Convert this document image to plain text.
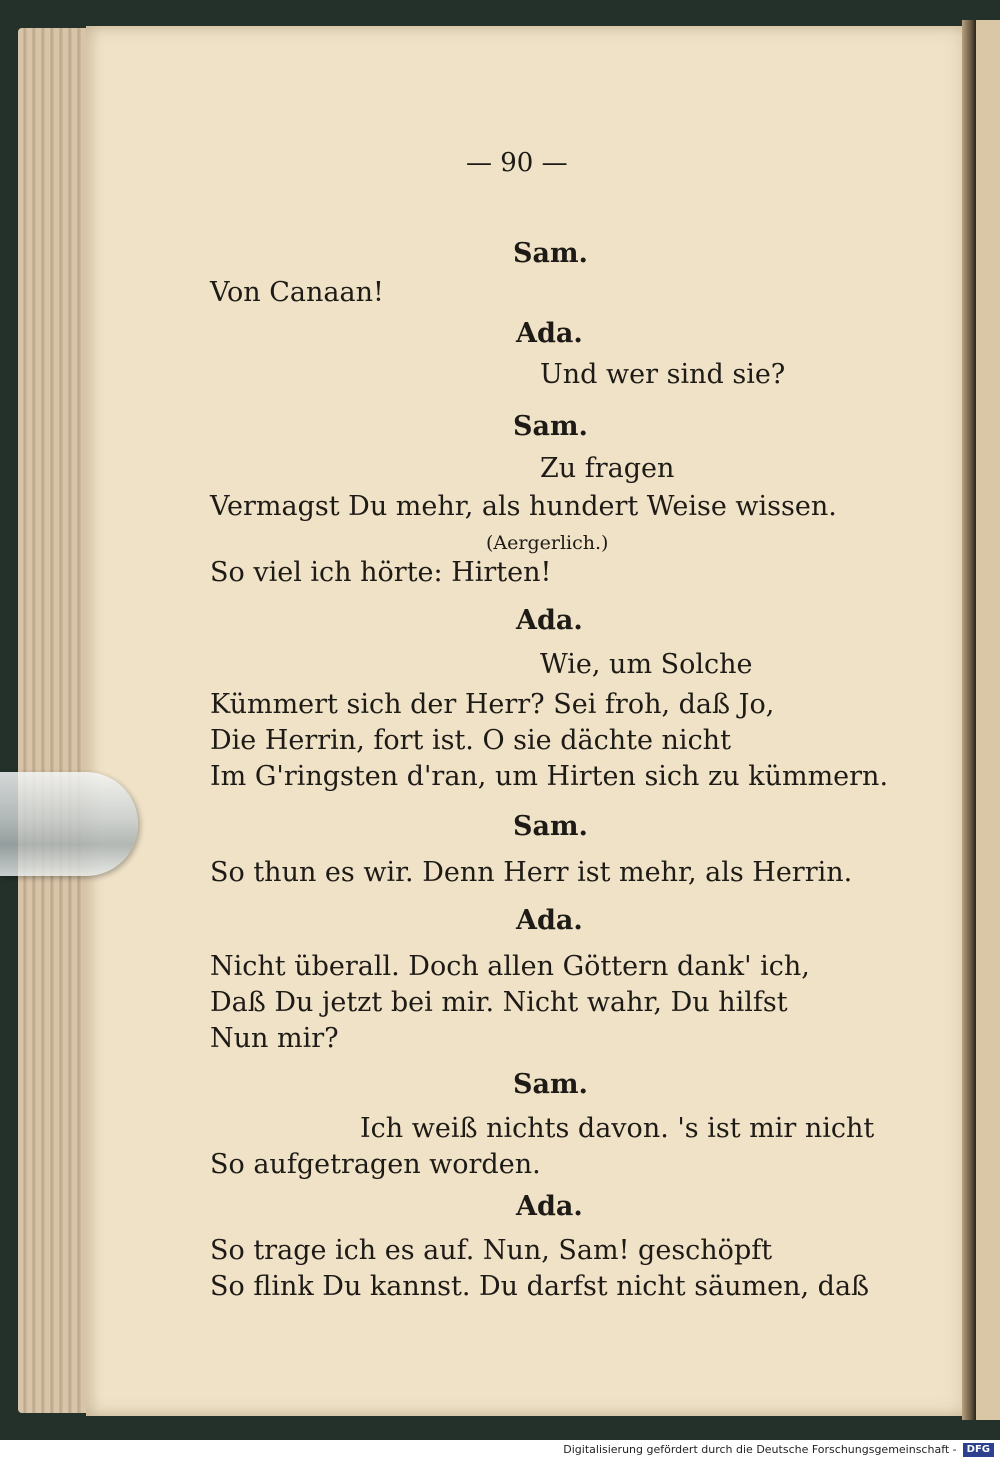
— 90 —

Sam.

Von Canaan!

Ada.

Und wer sind sie?

Sam.

Zu fragen

Vermagst Du mehr, als hundert Weise wissen.

(Aergerlich.)

So viel ich hörte: Hirten!

Ada.

Wie, um Solche

Kümmert sich der Herr? Sei froh, daß Jo,

Die Herrin, fort ist. O sie dächte nicht

Im G'ringsten d'ran, um Hirten sich zu kümmern.

Sam.

So thun es wir. Denn Herr ist mehr, als Herrin.

Ada.

Nicht überall. Doch allen Göttern dank' ich,

Daß Du jetzt bei mir. Nicht wahr, Du hilfst

Nun mir?

Sam.

Ich weiß nichts davon. 's ist mir nicht

So aufgetragen worden.

Ada.

So trage ich es auf. Nun, Sam! geschöpft

So flink Du kannst. Du darfst nicht säumen, daß

Digitalisierung gefördert durch die Deutsche Forschungsgemeinschaft - DFG
